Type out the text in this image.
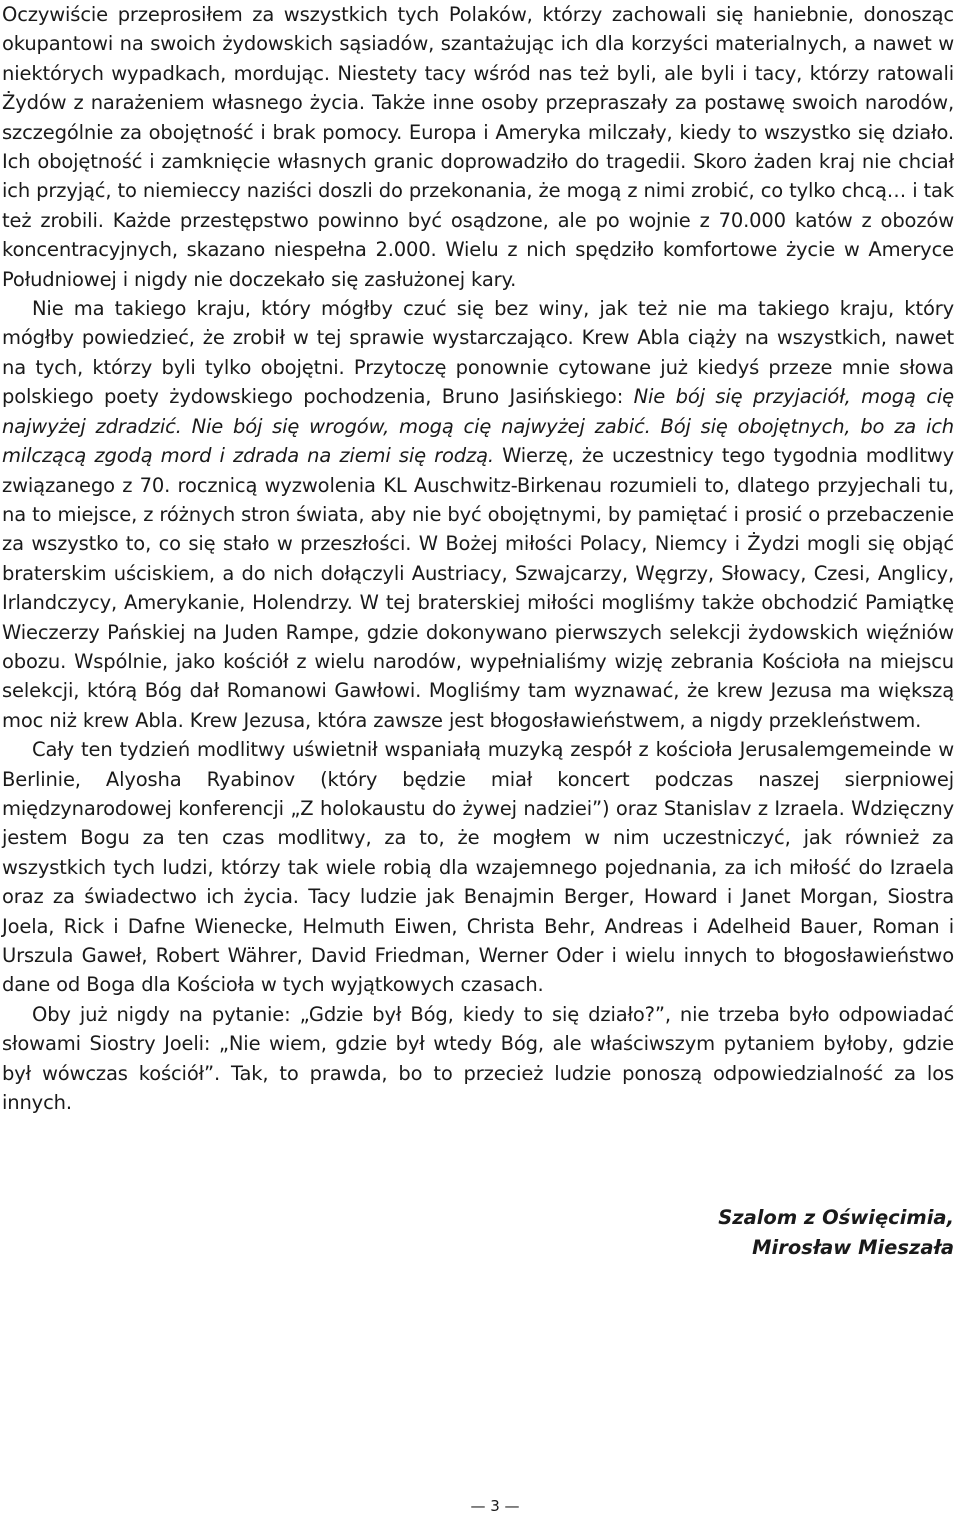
Oczywiście przeprosiłem za wszystkich tych Polaków, którzy zachowali się haniebnie, donosząc okupantowi na swoich żydowskich sąsiadów, szantażując ich dla korzyści materialnych, a nawet w niektórych wypadkach, mordując. Niestety tacy wśród nas też byli, ale byli i tacy, którzy ratowali Żydów z narażeniem własnego życia. Także inne osoby przepraszały za postawę swoich narodów, szczególnie za obojętność i brak pomocy. Europa i Ameryka milczały, kiedy to wszystko się działo. Ich obojętność i zamknięcie własnych granic doprowadziło do tragedii. Skoro żaden kraj nie chciał ich przyjąć, to niemieccy naziści doszli do przekonania, że mogą z nimi zrobić, co tylko chcą… i tak też zrobili. Każde przestępstwo powinno być osądzone, ale po wojnie z 70.000 katów z obozów koncentracyjnych, skazano niespełna 2.000. Wielu z nich spędziło komfortowe życie w Ameryce Południowej i nigdy nie doczekało się zasłużonej kary.

Nie ma takiego kraju, który mógłby czuć się bez winy, jak też nie ma takiego kraju, który mógłby powiedzieć, że zrobił w tej sprawie wystarczająco. Krew Abla ciąży na wszystkich, nawet na tych, którzy byli tylko obojętni. Przytoczę ponownie cytowane już kiedyś przeze mnie słowa polskiego poety żydowskiego pochodzenia, Bruno Jasińskiego: Nie bój się przyjaciół, mogą cię najwyżej zdradzić. Nie bój się wrogów, mogą cię najwyżej zabić. Bój się obojętnych, bo za ich milczącą zgodą mord i zdrada na ziemi się rodzą. Wierzę, że uczestnicy tego tygodnia modlitwy związanego z 70. rocznicą wyzwolenia KL Auschwitz-Birkenau rozumieli to, dlatego przyjechali tu, na to miejsce, z różnych stron świata, aby nie być obojętnymi, by pamiętać i prosić o przebaczenie za wszystko to, co się stało w przeszłości. W Bożej miłości Polacy, Niemcy i Żydzi mogli się objąć braterskim uściskiem, a do nich dołączyli Austriacy, Szwajcarzy, Węgrzy, Słowacy, Czesi, Anglicy, Irlandczycy, Amerykanie, Holendrzy. W tej braterskiej miłości mogliśmy także obchodzić Pamiątkę Wieczerzy Pańskiej na Juden Rampe, gdzie dokonywano pierwszych selekcji żydowskich więźniów obozu. Wspólnie, jako kościół z wielu narodów, wypełnialiśmy wizję zebrania Kościoła na miejscu selekcji, którą Bóg dał Romanowi Gawłowi. Mogliśmy tam wyznawać, że krew Jezusa ma większą moc niż krew Abla. Krew Jezusa, która zawsze jest błogosławieństwem, a nigdy przekleństwem.

Cały ten tydzień modlitwy uświetnił wspaniałą muzyką zespół z kościoła Jerusalemgemeinde w Berlinie, Alyosha Ryabinov (który będzie miał koncert podczas naszej sierpniowej międzynarodowej konferencji „Z holokaustu do żywej nadziei”) oraz Stanislav z Izraela. Wdzięczny jestem Bogu za ten czas modlitwy, za to, że mogłem w nim uczestniczyć, jak również za wszystkich tych ludzi, którzy tak wiele robią dla wzajemnego pojednania, za ich miłość do Izraela oraz za świadectwo ich życia. Tacy ludzie jak Benajmin Berger, Howard i Janet Morgan, Siostra Joela, Rick i Dafne Wienecke, Helmuth Eiwen, Christa Behr, Andreas i Adelheid Bauer, Roman i Urszula Gaweł, Robert Währer, David Friedman, Werner Oder i wielu innych to błogosławieństwo dane od Boga dla Kościoła w tych wyjątkowych czasach.

Oby już nigdy na pytanie: „Gdzie był Bóg, kiedy to się działo?”, nie trzeba było odpowiadać słowami Siostry Joeli: „Nie wiem, gdzie był wtedy Bóg, ale właściwszym pytaniem byłoby, gdzie był wówczas kościół”. Tak, to prawda, bo to przecież ludzie ponoszą odpowiedzialność za los innych.

Szalom z Oświęcimia,
Mirosław Mieszała
— 3 —
